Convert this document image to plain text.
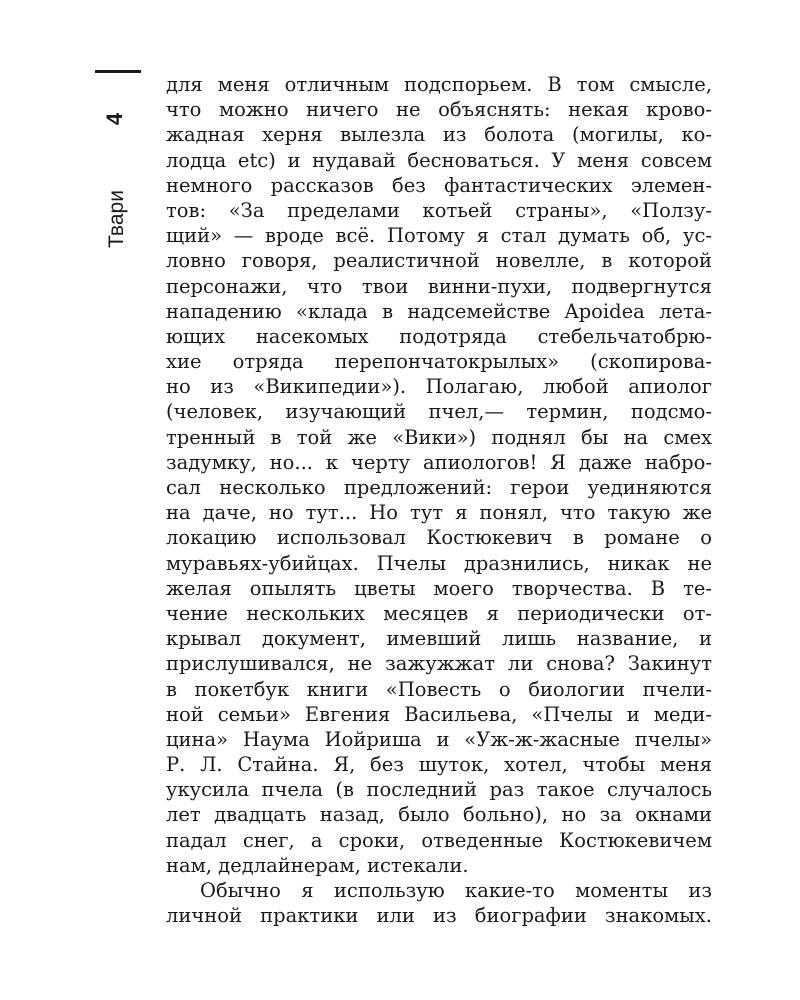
4
Твари
для меня отличным подспорьем. В том смысле,
что можно ничего не объяснять: некая крово-
жадная херня вылезла из болота (могилы, ко-
лодца etc) и нудавай беснoваться. У меня совсем
немного рассказов без фантастических элемен-
тов: «За пределами котьей страны», «Ползу-
щий» — вроде всё. Потому я стал думать об, ус-
ловно говоря, реалистичной новелле, в которой
персонажи, что твои винни-пухи, подвергнутся
нападению «клада в надсемействе Apoidea лета-
ющих насекомых подотряда стебельчатобрю-
хие отряда перепончатокрылых» (скопирова-
но из «Википедии»). Полагаю, любой апиолог
(человек, изучающий пчел,— термин, подсмо-
тренный в той же «Вики») поднял бы на смех
задумку, но... к черту апиологов! Я даже набро-
сал несколько предложений: герои уединяются
на даче, но тут... Но тут я понял, что такую же
локацию использовал Костюкевич в романе о
муравьях-убийцах. Пчелы дразнились, никак не
желая опылять цветы моего творчества. В те-
чение нескольких месяцев я периодически от-
крывал документ, имевший лишь название, и
прислушивался, не зажужжат ли снова? Закинут
в покетбук книги «Повесть о биологии пчели-
ной семьи» Евгения Васильева, «Пчелы и меди-
цина» Наума Иойриша и «Уж-ж-жасные пчелы»
Р. Л. Стайна. Я, без шуток, хотел, чтобы меня
укусила пчела (в последний раз такое случалось
лет двадцать назад, было больно), но за окнами
падал снег, а сроки, отведенные Костюкевичем
нам, дедлайнерам, истекали.
Обычно я использую какие-то моменты из
личной практики или из биографии знакомых.
